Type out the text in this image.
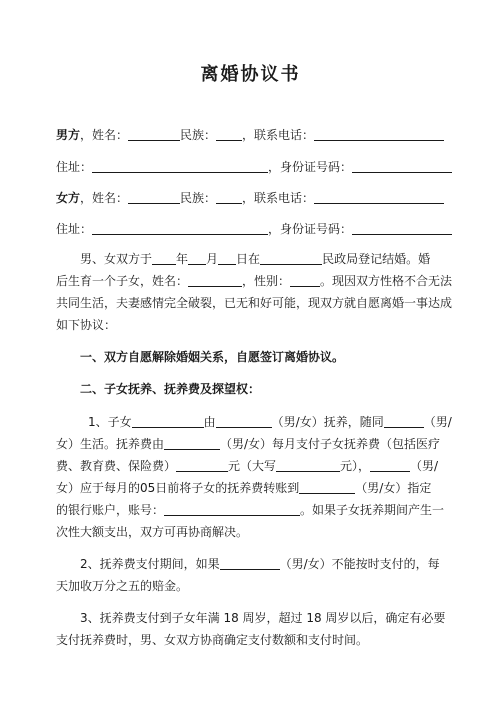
离婚协议书
男方，姓名：	民族： ，联系电话：
住址：	，身份证号码：
女方，姓名：	民族： ，联系电话：
住址：	，身份证号码：
男、女双方于 年 月 日在	民政局登记结婚。婚
后生育一个子女，姓名：	，性别：	。现因双方性格不合无法
共同生活，夫妻感情完全破裂，已无和好可能，现双方就自愿离婚一事达成
如下协议：
一、双方自愿解除婚姻关系，自愿签订离婚协议。
二、子女抚养、抚养费及探望权：
1、子女	由	（男/女）抚养，随同	（男/
女）生活。抚养费由	（男/女）每月支付子女抚养费（包括医疗
费、教育费、保险费）	元（大写	元），	（男/
女）应于每月的05日前将子女的抚养费转账到	（男/女）指定
的银行账户，账号：	。如果子女抚养期间产生一
次性大额支出，双方可再协商解决。
2、抚养费支付期间，如果	（男/女）不能按时支付的，每
天加收万分之五的赔金。
3、抚养费支付到子女年满 18 周岁，超过 18 周岁以后，确定有必要
支付抚养费时，男、女双方协商确定支付数额和支付时间。
